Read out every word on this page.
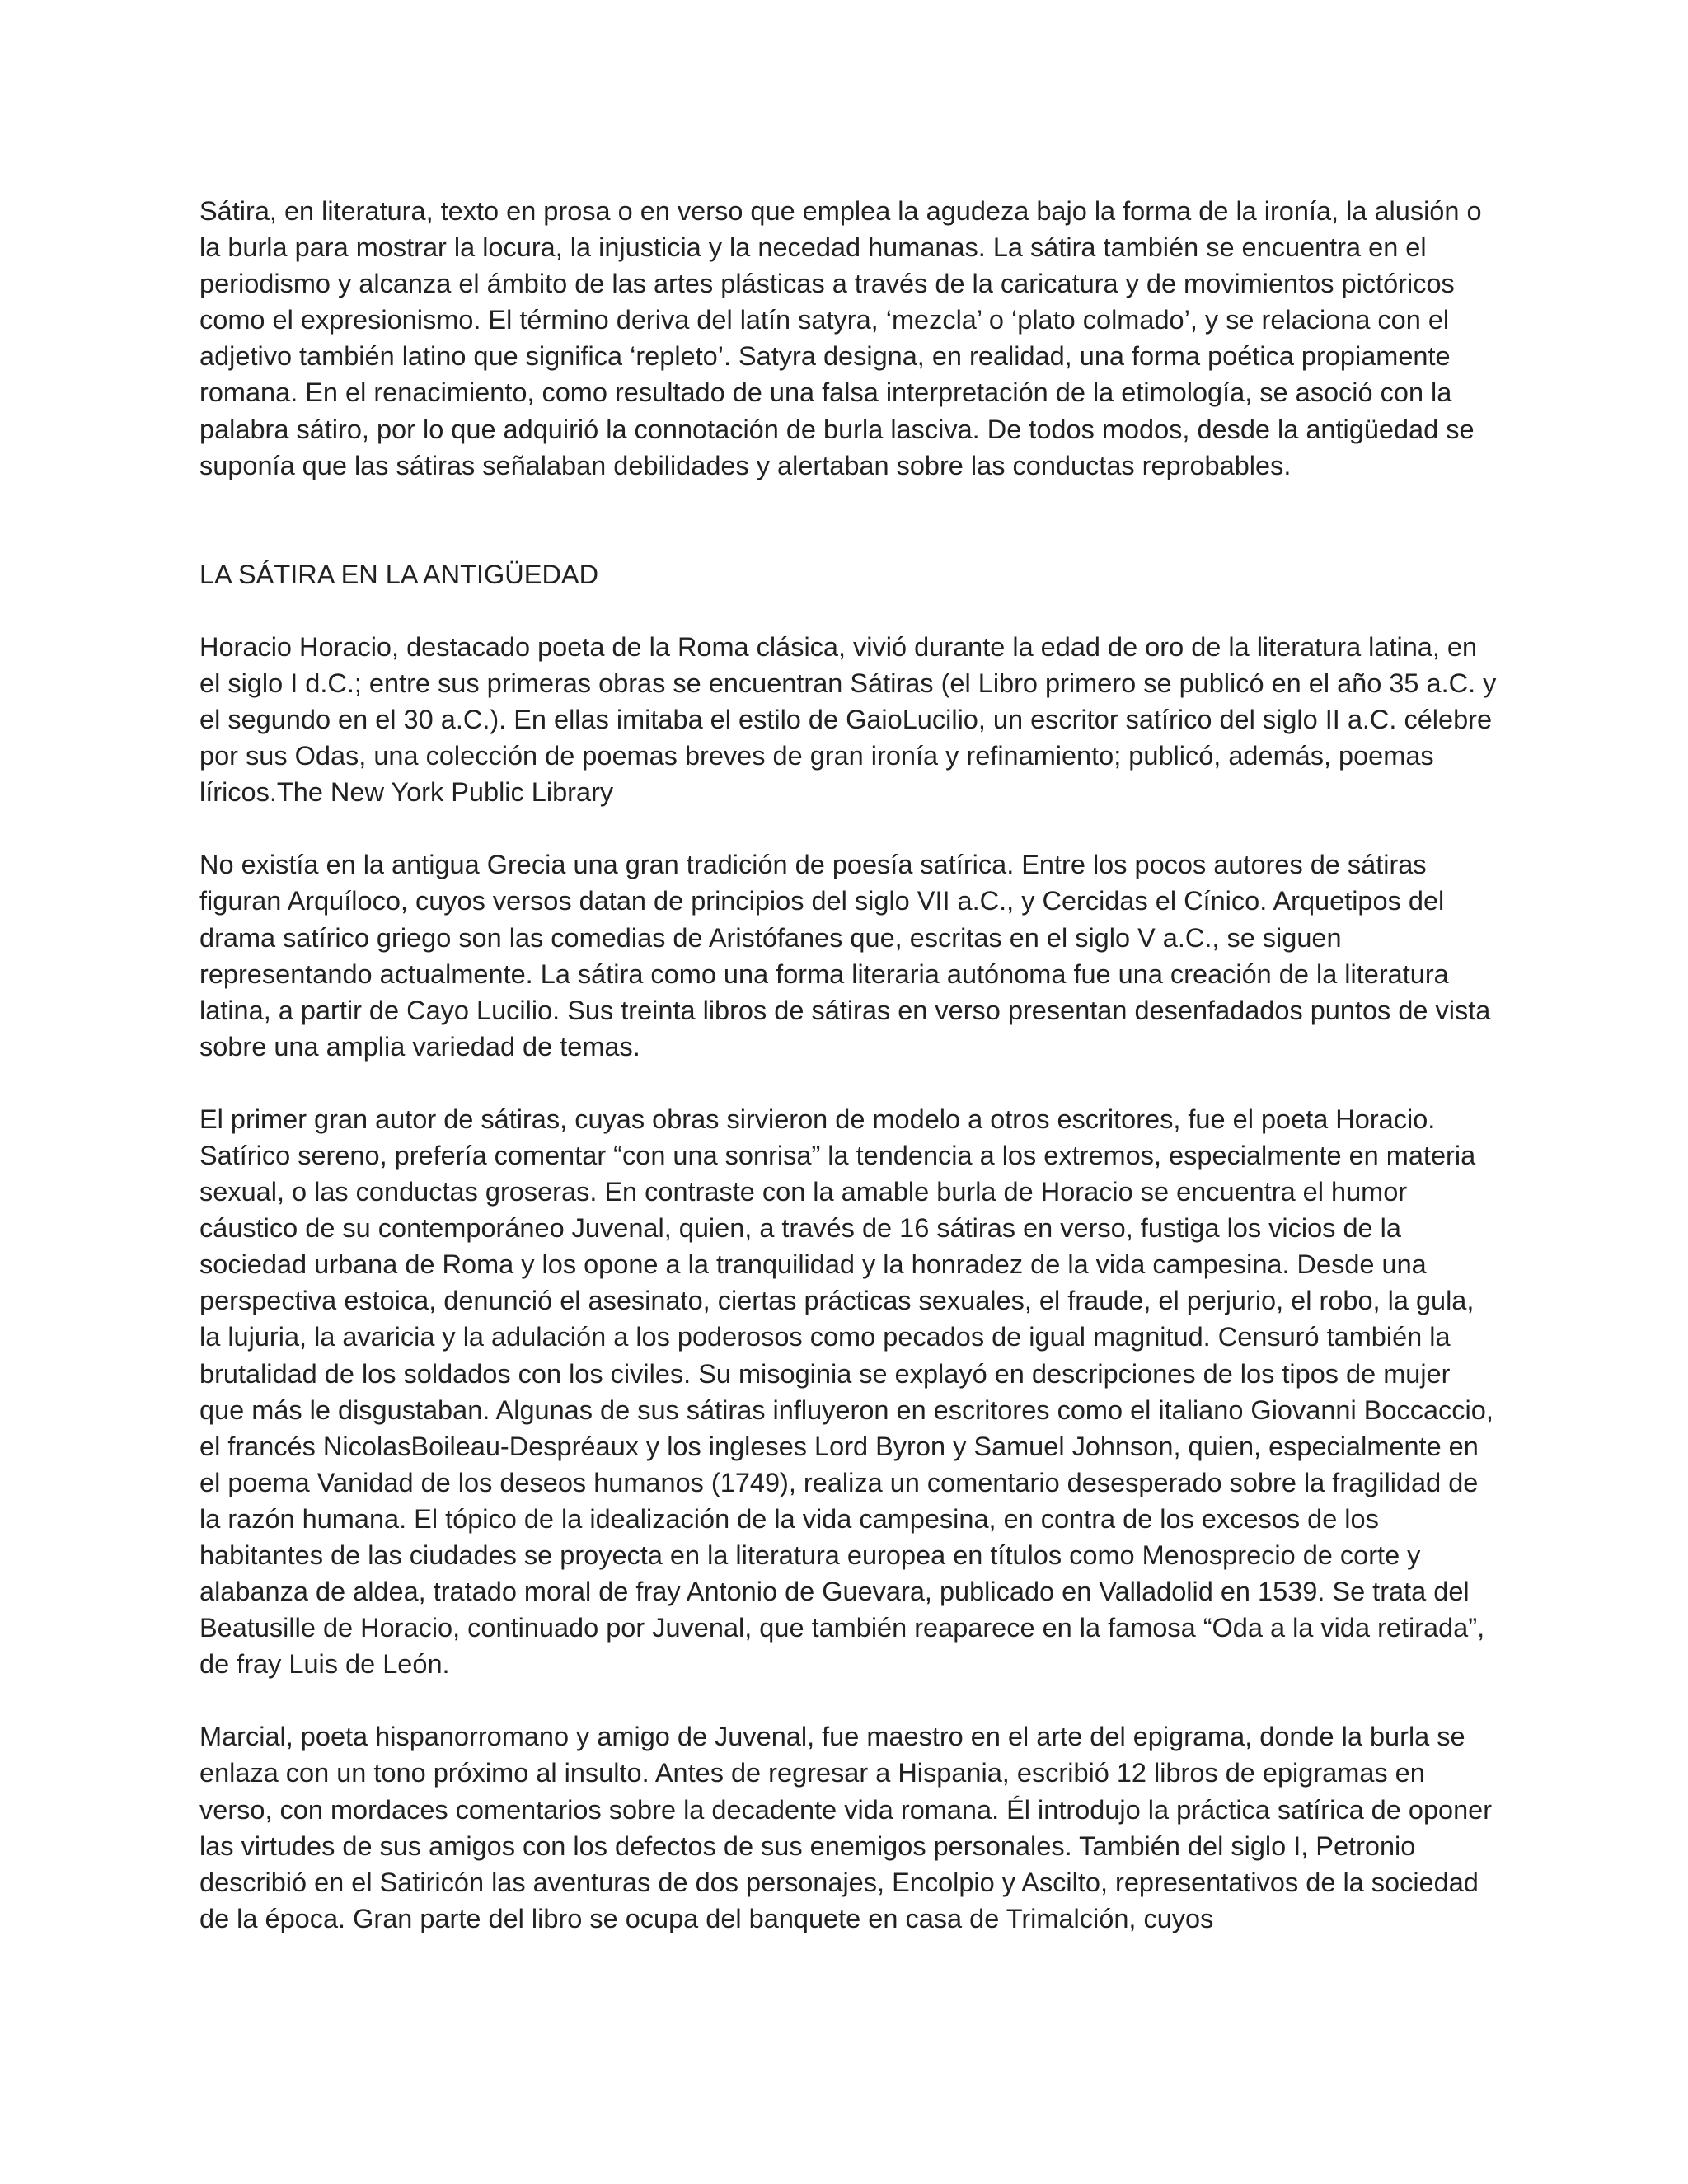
Sátira, en literatura, texto en prosa o en verso que emplea la agudeza bajo la forma de la ironía, la alusión o la burla para mostrar la locura, la injusticia y la necedad humanas. La sátira también se encuentra en el periodismo y alcanza el ámbito de las artes plásticas a través de la caricatura y de movimientos pictóricos como el expresionismo. El término deriva del latín satyra, ‘mezcla’ o ‘plato colmado’, y se relaciona con el adjetivo también latino que significa ‘repleto’. Satyra designa, en realidad, una forma poética propiamente romana. En el renacimiento, como resultado de una falsa interpretación de la etimología, se asoció con la palabra sátiro, por lo que adquirió la connotación de burla lasciva. De todos modos, desde la antigüedad se suponía que las sátiras señalaban debilidades y alertaban sobre las conductas reprobables.

LA SÁTIRA EN LA ANTIGÜEDAD

Horacio Horacio, destacado poeta de la Roma clásica, vivió durante la edad de oro de la literatura latina, en el siglo I d.C.; entre sus primeras obras se encuentran Sátiras (el Libro primero se publicó en el año 35 a.C. y el segundo en el 30 a.C.). En ellas imitaba el estilo de GaioLucilio, un escritor satírico del siglo II a.C. célebre por sus Odas, una colección de poemas breves de gran ironía y refinamiento; publicó, además, poemas líricos.The New York Public Library

No existía en la antigua Grecia una gran tradición de poesía satírica. Entre los pocos autores de sátiras figuran Arquíloco, cuyos versos datan de principios del siglo VII a.C., y Cercidas el Cínico. Arquetipos del drama satírico griego son las comedias de Aristófanes que, escritas en el siglo V a.C., se siguen representando actualmente. La sátira como una forma literaria autónoma fue una creación de la literatura latina, a partir de Cayo Lucilio. Sus treinta libros de sátiras en verso presentan desenfadados puntos de vista sobre una amplia variedad de temas.

El primer gran autor de sátiras, cuyas obras sirvieron de modelo a otros escritores, fue el poeta Horacio. Satírico sereno, prefería comentar “con una sonrisa” la tendencia a los extremos, especialmente en materia sexual, o las conductas groseras. En contraste con la amable burla de Horacio se encuentra el humor cáustico de su contemporáneo Juvenal, quien, a través de 16 sátiras en verso, fustiga los vicios de la sociedad urbana de Roma y los opone a la tranquilidad y la honradez de la vida campesina. Desde una perspectiva estoica, denunció el asesinato, ciertas prácticas sexuales, el fraude, el perjurio, el robo, la gula, la lujuria, la avaricia y la adulación a los poderosos como pecados de igual magnitud. Censuró también la brutalidad de los soldados con los civiles. Su misoginia se explayó en descripciones de los tipos de mujer que más le disgustaban. Algunas de sus sátiras influyeron en escritores como el italiano Giovanni Boccaccio, el francés NicolasBoileau-Despréaux y los ingleses Lord Byron y Samuel Johnson, quien, especialmente en el poema Vanidad de los deseos humanos (1749), realiza un comentario desesperado sobre la fragilidad de la razón humana. El tópico de la idealización de la vida campesina, en contra de los excesos de los habitantes de las ciudades se proyecta en la literatura europea en títulos como Menosprecio de corte y alabanza de aldea, tratado moral de fray Antonio de Guevara, publicado en Valladolid en 1539. Se trata del Beatusille de Horacio, continuado por Juvenal, que también reaparece en la famosa “Oda a la vida retirada”, de fray Luis de León.

Marcial, poeta hispanorromano y amigo de Juvenal, fue maestro en el arte del epigrama, donde la burla se enlaza con un tono próximo al insulto. Antes de regresar a Hispania, escribió 12 libros de epigramas en verso, con mordaces comentarios sobre la decadente vida romana. Él introdujo la práctica satírica de oponer las virtudes de sus amigos con los defectos de sus enemigos personales. También del siglo I, Petronio describió en el Satiricón las aventuras de dos personajes, Encolpio y Ascilto, representativos de la sociedad de la época. Gran parte del libro se ocupa del banquete en casa de Trimalción, cuyos
